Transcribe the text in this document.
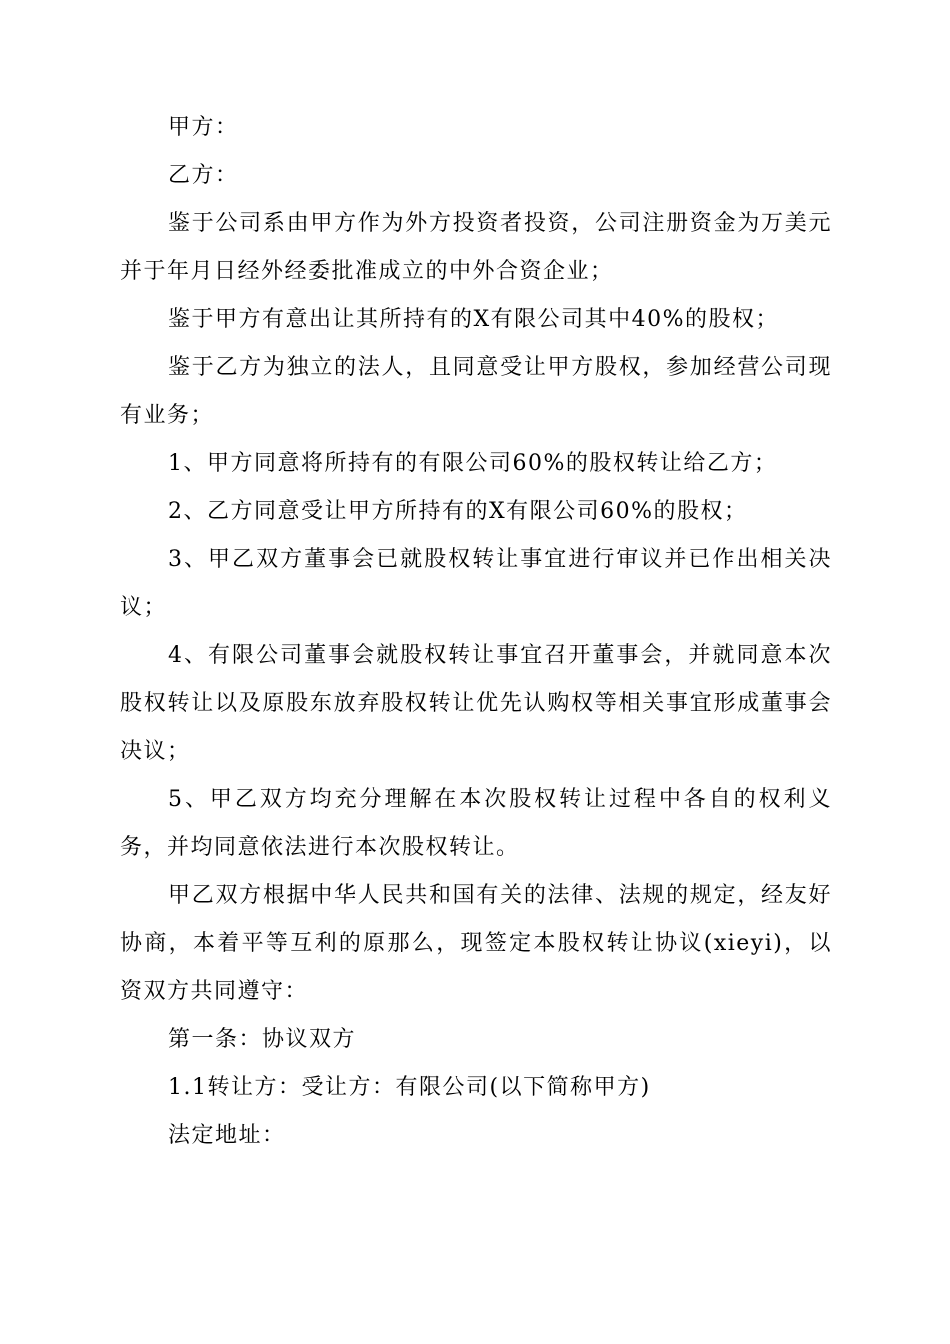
甲方：

乙方：

鉴于公司系由甲方作为外方投资者投资，公司注册资金为万美元并于年月日经外经委批准成立的中外合资企业；

鉴于甲方有意出让其所持有的X有限公司其中40%的股权；

鉴于乙方为独立的法人，且同意受让甲方股权，参加经营公司现有业务；

1、甲方同意将所持有的有限公司60%的股权转让给乙方；

2、乙方同意受让甲方所持有的X有限公司60%的股权；

3、甲乙双方董事会已就股权转让事宜进行审议并已作出相关决议；

4、有限公司董事会就股权转让事宜召开董事会，并就同意本次股权转让以及原股东放弃股权转让优先认购权等相关事宜形成董事会决议；

5、甲乙双方均充分理解在本次股权转让过程中各自的权利义务，并均同意依法进行本次股权转让。

甲乙双方根据中华人民共和国有关的法律、法规的规定，经友好协商，本着平等互利的原那么，现签定本股权转让协议(xieyi)，以资双方共同遵守：

第一条：协议双方

1.1转让方：受让方：有限公司(以下简称甲方)

法定地址：
